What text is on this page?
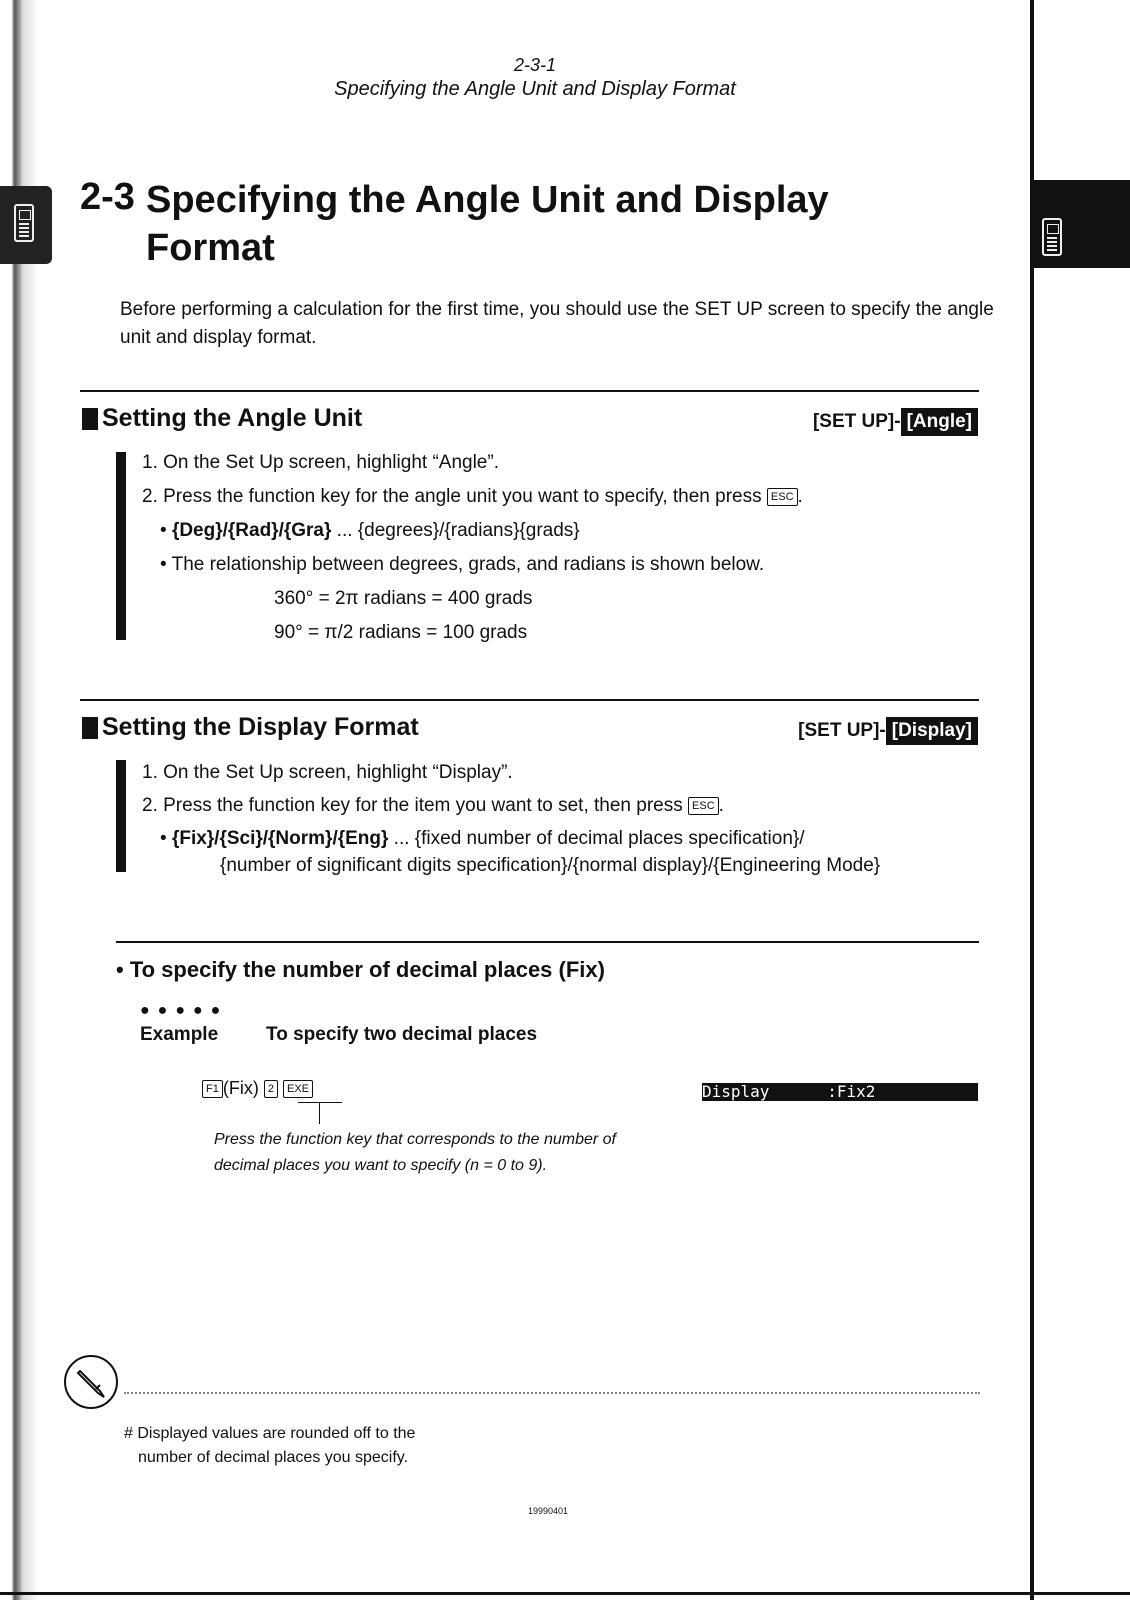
2-3-1
Specifying the Angle Unit and Display Format
2-3 Specifying the Angle Unit and Display Format
Before performing a calculation for the first time, you should use the SET UP screen to specify the angle unit and display format.
Setting the Angle Unit	[SET UP]- [Angle]
1. On the Set Up screen, highlight “Angle”.
2. Press the function key for the angle unit you want to specify, then press ESC .
• {Deg}/{Rad}/{Gra} ... {degrees}/{radians}{grads}
• The relationship between degrees, grads, and radians is shown below.
360° = 2π radians = 400 grads
90° = π/2 radians = 100 grads
Setting the Display Format	[SET UP]- [Display]
1. On the Set Up screen, highlight “Display”.
2. Press the function key for the item you want to set, then press ESC .
• {Fix}/{Sci}/{Norm}/{Eng} ... {fixed number of decimal places specification}/
{number of significant digits specification}/{normal display}/{Engineering Mode}
• To specify the number of decimal places (Fix)
●●●●●
Example	To specify two decimal places
F1 (Fix) 2 EXE
Press the function key that corresponds to the number of decimal places you want to specify (n = 0 to 9).
Display      :Fix2
# Displayed values are rounded off to the
number of decimal places you specify.
19990401
